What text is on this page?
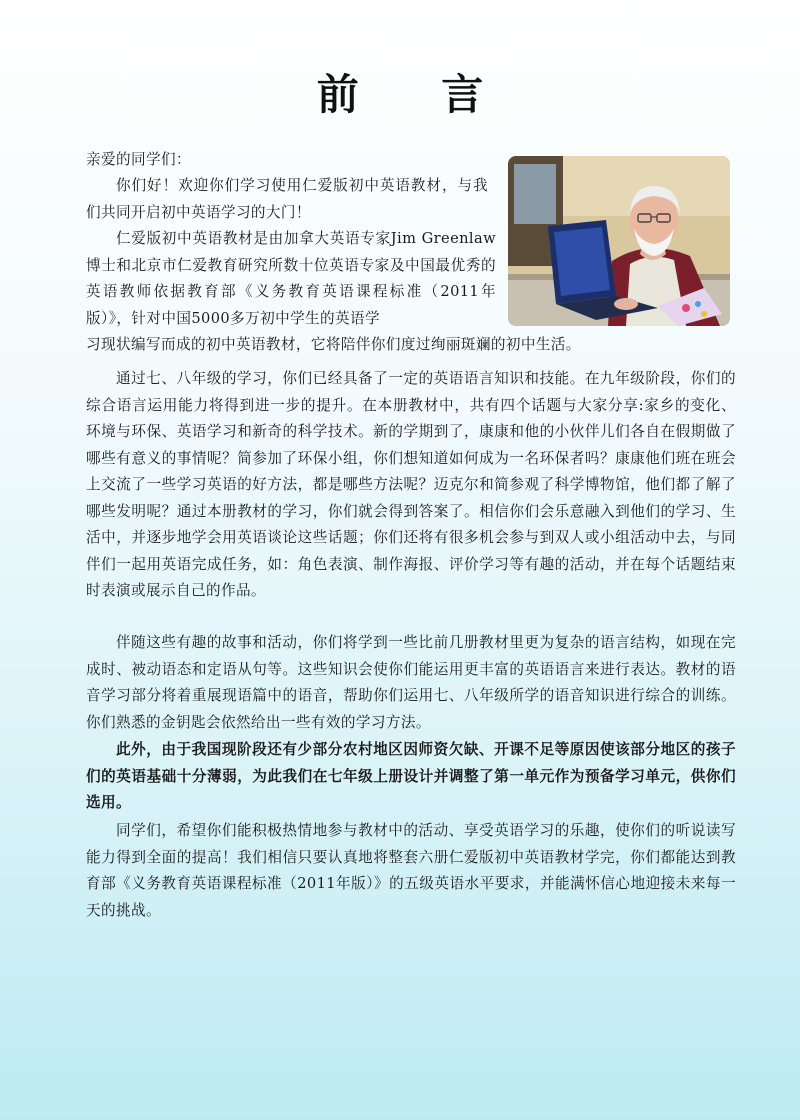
前 言

亲爱的同学们：

你们好！欢迎你们学习使用仁爱版初中英语教材，与我们共同开启初中英语学习的大门！

仁爱版初中英语教材是由加拿大英语专家Jim Greenlaw博士和北京市仁爱教育研究所数十位英语专家及中国最优秀的英语教师依据教育部《义务教育英语课程标准（2011年版）》，针对中国5000多万初中学生的英语学

习现状编写而成的初中英语教材，它将陪伴你们度过绚丽斑斓的初中生活。

通过七、八年级的学习，你们已经具备了一定的英语语言知识和技能。在九年级阶段，你们的综合语言运用能力将得到进一步的提升。在本册教材中，共有四个话题与大家分享:家乡的变化、环境与环保、英语学习和新奇的科学技术。新的学期到了，康康和他的小伙伴儿们各自在假期做了哪些有意义的事情呢？简参加了环保小组，你们想知道如何成为一名环保者吗？康康他们班在班会上交流了一些学习英语的好方法，都是哪些方法呢？迈克尔和简参观了科学博物馆，他们都了解了哪些发明呢？通过本册教材的学习，你们就会得到答案了。相信你们会乐意融入到他们的学习、生活中，并逐步地学会用英语谈论这些话题；你们还将有很多机会参与到双人或小组活动中去，与同伴们一起用英语完成任务，如：角色表演、制作海报、评价学习等有趣的活动，并在每个话题结束时表演或展示自己的作品。

伴随这些有趣的故事和活动，你们将学到一些比前几册教材里更为复杂的语言结构，如现在完成时、被动语态和定语从句等。这些知识会使你们能运用更丰富的英语语言来进行表达。教材的语音学习部分将着重展现语篇中的语音，帮助你们运用七、八年级所学的语音知识进行综合的训练。你们熟悉的金钥匙会依然给出一些有效的学习方法。

此外，由于我国现阶段还有少部分农村地区因师资欠缺、开课不足等原因使该部分地区的孩子们的英语基础十分薄弱，为此我们在七年级上册设计并调整了第一单元作为预备学习单元，供你们选用。

同学们，希望你们能积极热情地参与教材中的活动、享受英语学习的乐趣，使你们的听说读写能力得到全面的提高！我们相信只要认真地将整套六册仁爱版初中英语教材学完，你们都能达到教育部《义务教育英语课程标准（2011年版）》的五级英语水平要求，并能满怀信心地迎接未来每一天的挑战。
